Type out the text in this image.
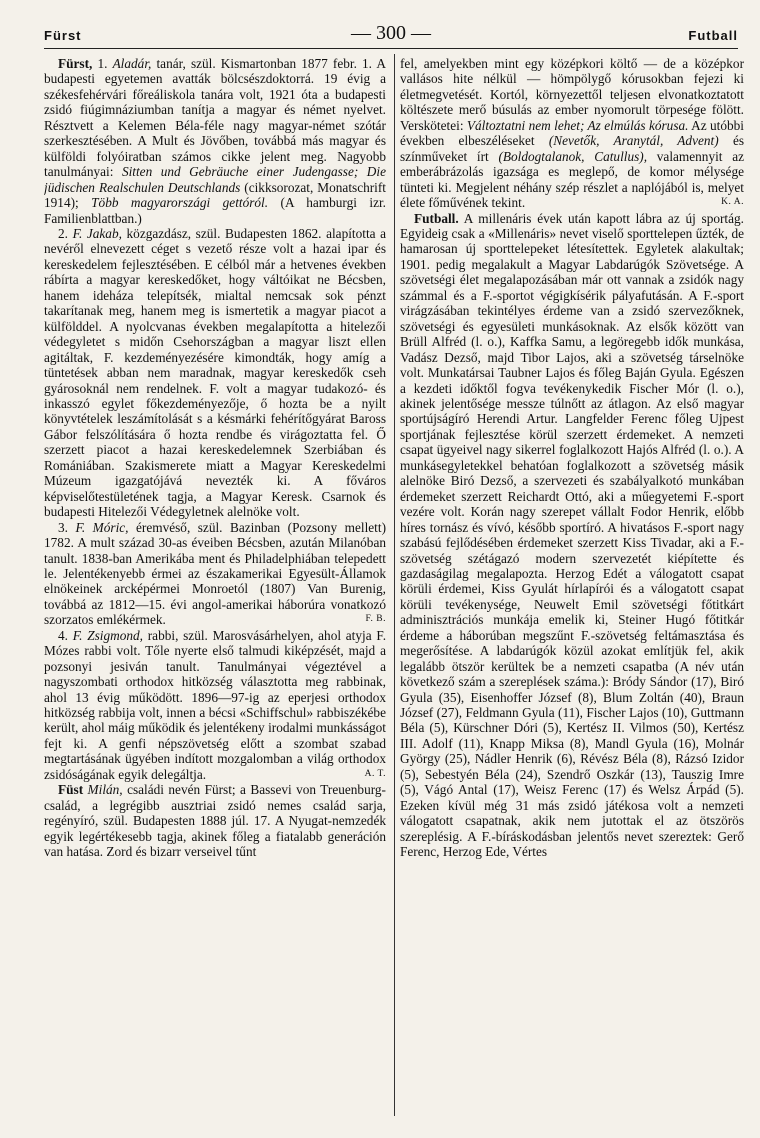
Fürst	— 300 —	Futball

Fürst, 1. Aladár, tanár, szül. Kismartonban 1877 febr. 1. A budapesti egyetemen avatták bölcsészdoktorrá. 19 évig a székesfehérvári főreáliskola tanára volt, 1921 óta a budapesti zsidó fiúgimnáziumban tanítja a magyar és német nyelvet. Résztvett a Kelemen Béla-féle nagy magyar-német szótár szerkesztésében. A Mult és Jövőben, továbbá más magyar és külföldi folyóiratban számos cikke jelent meg. Nagyobb tanulmányai: Sitten und Gebräuche einer Judengasse; Die jüdischen Realschulen Deutschlands (cikksorozat, Monatschrift 1914); Több magyarországi gettóról. (A hamburgi izr. Familienblattban.)

2. F. Jakab, közgazdász, szül. Budapesten 1862. alapította a nevéről elnevezett céget s vezető része volt a hazai ipar és kereskedelem fejlesztésében. E célból már a hetvenes években rábírta a magyar kereskedőket, hogy váltóikat ne Bécsben, hanem ideháza telepítsék, mialtal nemcsak sok pénzt takarítanak meg, hanem meg is ismertetik a magyar piacot a külfölddel. A nyolcvanas években megalapította a hitelezői védegyletet s midőn Csehországban a magyar liszt ellen agitáltak, F. kezdeményezésére kimondták, hogy amíg a tüntetések abban nem maradnak, magyar kereskedők cseh gyárosoknál nem rendelnek. F. volt a magyar tudakozó- és inkasszó egylet főkezdeményezője, ő hozta be a nyilt könyvtételek leszámítolását s a késmárki fehérítőgyárat Baross Gábor felszólítására ő hozta rendbe és virágoztatta fel. Ő szerzett piacot a hazai kereskedelemnek Szerbiában és Romániában. Szakismerete miatt a Magyar Kereskedelmi Múzeum igazgatójává nevezték ki. A főváros képviselőtestületének tagja, a Magyar Keresk. Csarnok és budapesti Hitelezői Védegyletnek alelnöke volt.

3. F. Móric, éremvéső, szül. Bazinban (Pozsony mellett) 1782. A mult század 30-as éveiben Bécsben, azután Milanóban tanult. 1838-ban Amerikába ment és Philadelphiában telepedett le. Jelentékenyebb érmei az északamerikai Egyesült-Államok elnökeinek arcképérmei Monroetól (1807) Van Burenig, továbbá az 1812—15. évi angol-amerikai háborúra vonatkozó szorzatos emlékérmek.	F. B.

4. F. Zsigmond, rabbi, szül. Marosvásárhelyen, ahol atyja F. Mózes rabbi volt. Tőle nyerte első talmudi kiképzését, majd a pozsonyi jesiván tanult. Tanulmányai végeztével a nagyszombati orthodox hitközség választotta meg rabbinak, ahol 13 évig működött. 1896—97-ig az eperjesi orthodox hitközség rabbija volt, innen a bécsi «Schiffschul» rabbiszékébe került, ahol máig működik és jelentékeny irodalmi munkásságot fejt ki. A genfi népszövetség előtt a szombat szabad megtartásának ügyében indított mozgalomban a világ orthodox zsidóságának egyik delegáltja.	A. T.

Füst Milán, családi nevén Fürst; a Bassevi von Treuenburg-család, a legrégibb ausztriai zsidó nemes család sarja, regényíró, szül. Budapesten 1888 júl. 17. A Nyugat-nemzedék egyik legértékesebb tagja, akinek főleg a fiatalabb generáción van hatása. Zord és bizarr verseivel tűnt

fel, amelyekben mint egy középkori költő — de a középkor vallásos hite nélkül — hömpölygő kórusokban fejezi ki életmegvetését. Kortól, környezettől teljesen elvonatkoztatott költészete merő búsulás az ember nyomorult törpesége fölött. Verskötetei: Változtatni nem lehet; Az elmúlás kórusa. Az utóbbi években elbeszéléseket (Nevetők, Aranytál, Advent) és színműveket írt (Boldogtalanok, Catullus), valamennyit az emberábrázolás igazsága es meglepő, de komor mélysége tünteti ki. Megjelent néhány szép részlet a naplójából is, melyet élete főművének tekint.	K. A.

Futball. A millenáris évek után kapott lábra az új sportág. Egyideig csak a «Millenáris» nevet viselő sporttelepen űzték, de hamarosan új sporttelepeket létesítettek. Egyletek alakultak; 1901. pedig megalakult a Magyar Labdarúgók Szövetsége. A szövetségi élet megalapozásában már ott vannak a zsidók nagy számmal és a F.-sportot végigkísérik pályafutásán. A F.-sport virágzásában tekintélyes érdeme van a zsidó szervezőknek, szövetségi és egyesületi munkásoknak. Az elsők között van Brüll Alfréd (l. o.), Kaffka Samu, a legöregebb idők munkása, Vadász Dezső, majd Tibor Lajos, aki a szövetség társelnöke volt. Munkatársai Taubner Lajos és főleg Baján Gyula. Egészen a kezdeti időktől fogva tevékenykedik Fischer Mór (l. o.), akinek jelentősége messze túlnőtt az átlagon. Az első magyar sportújságíró Herendi Artur. Langfelder Ferenc főleg Ujpest sportjának fejlesztése körül szerzett érdemeket. A nemzeti csapat ügyeivel nagy sikerrel foglalkozott Hajós Alfréd (l. o.). A munkásegyletekkel behatóan foglalkozott a szövetség másik alelnöke Biró Dezső, a szervezeti és szabályalkotó munkában érdemeket szerzett Reichardt Ottó, aki a műegyetemi F.-sport vezére volt. Korán nagy szerepet vállalt Fodor Henrik, előbb híres tornász és vívó, később sportíró. A hivatásos F.-sport nagy szabású fejlődésében érdemeket szerzett Kiss Tivadar, aki a F.-szövetség szétágazó modern szervezetét kiépítette és gazdaságilag megalapozta. Herzog Edét a válogatott csapat körüli érdemei, Kiss Gyulát hírlapírói és a válogatott csapat körüli tevékenysége, Neuwelt Emil szövetségi főtitkárt adminisztrációs munkája emelik ki, Steiner Hugó főtitkár érdeme a háborúban megszűnt F.-szövetség feltámasztása és megerősítése. A labdarúgók közül azokat említjük fel, akik legalább ötször kerültek be a nemzeti csapatba (A név után következő szám a szereplések száma.): Bródy Sándor (17), Biró Gyula (35), Eisenhoffer József (8), Blum Zoltán (40), Braun József (27), Feldmann Gyula (11), Fischer Lajos (10), Guttmann Béla (5), Kürschner Dóri (5), Kertész II. Vilmos (50), Kertész III. Adolf (11), Knapp Miksa (8), Mandl Gyula (16), Molnár György (25), Nádler Henrik (6), Révész Béla (8), Rázsó Izidor (5), Sebestyén Béla (24), Szendrő Oszkár (13), Tauszig Imre (5), Vágó Antal (17), Weisz Ferenc (17) és Welsz Árpád (5). Ezeken kívül még 31 más zsidó játékosa volt a nemzeti válogatott csapatnak, akik nem jutottak el az ötszörös szereplésig. A F.-bíráskodásban jelentős nevet szereztek: Gerő Ferenc, Herzog Ede, Vértes
